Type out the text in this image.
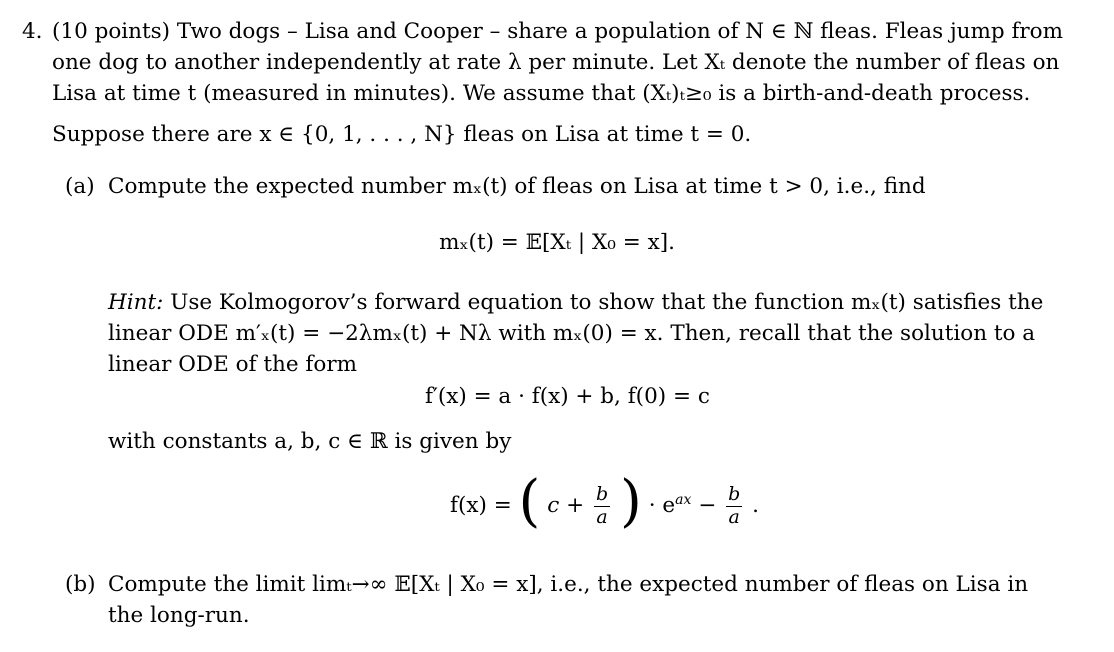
4. (10 points) Two dogs – Lisa and Cooper – share a population of N ∈ ℕ fleas. Fleas jump from
one dog to another independently at rate λ per minute. Let Xₜ denote the number of fleas on
Lisa at time t (measured in minutes). We assume that (Xₜ)ₜ≥₀ is a birth-and-death process.
Suppose there are x ∈ {0, 1, . . . , N} fleas on Lisa at time t = 0.
(a) Compute the expected number mₓ(t) of fleas on Lisa at time t > 0, i.e., find
mₓ(t) = 𝔼[Xₜ | X₀ = x].
Hint: Use Kolmogorov’s forward equation to show that the function mₓ(t) satisfies the
linear ODE m′ₓ(t) = −2λmₓ(t) + Nλ with mₓ(0) = x. Then, recall that the solution to a
linear ODE of the form
f′(x) = a · f(x) + b, f(0) = c
with constants a, b, c ∈ ℝ is given by
f(x) = ( $c + \frac{b}{a}$ ) · $e^{ax} - \frac{b}{a}$ .
(b) Compute the limit limₜ→∞ 𝔼[Xₜ | X₀ = x], i.e., the expected number of fleas on Lisa in
the long-run.
